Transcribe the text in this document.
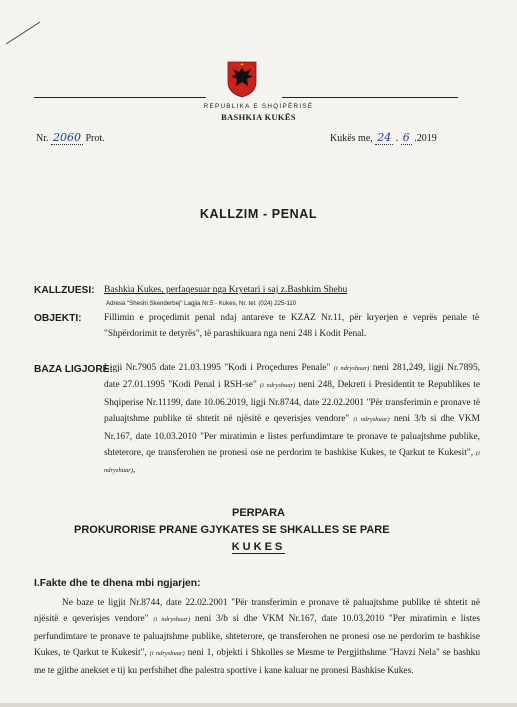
REPUBLIKA E SHQIPËRISË
BASHKIA KUKËS
Nr. 2060 Prot.	Kukës me, 24 . 6 .2019
KALLZIM - PENAL
KALLZUESI: Bashkia Kukes, perfaqesuar nga Kryetari i saj z.Bashkim Shehu
Adresa "Sheshi Skenderbej" Lagjia Nr.5 - Kukes, Nr. tel. (024) 225-110
OBJEKTI: Fillimin e proçedimit penal ndaj antareve te KZAZ Nr.11, për kryerjen e veprës penale të "Shpërdorimit te detyrës", të parashikuara nga neni 248 i Kodit Penal.
BAZA LIGJORE:
Ligji Nr.7905 date 21.03.1995 "Kodi i Proçedures Penale" (i ndryshuar) neni 281,249, ligji Nr.7895, date 27.01.1995 "Kodi Penal i RSH-se" (i ndryshuar) neni 248, Dekreti i Presidentit te Republikes te Shqiperise Nr.11199, date 10.06.2019, ligji Nr.8744, date 22.02.2001 "Për transferimin e pronave të paluajtshme publike të shtetit në njësitë e qeverisjes vendore" (i ndryshuar) neni 3/b si dhe VKM Nr.167, date 10.03.2010 "Per miratimin e listes perfundimtare te pronave te paluajtshme publike, shteterore, qe transferohen ne pronesi ose ne perdorim te bashkise Kukes, te Qarkut te Kukesit", (i ndryshuar),
PERPARA
PROKURORISE PRANE GJYKATES SE SHKALLES SE PARE
KUKES
I.Fakte dhe te dhena mbi ngjarjen:
Ne baze te ligjit Nr.8744, date 22.02.2001 "Për transferimin e pronave të paluajtshme publike të shtetit në njësitë e qeverisjes vendore" (i ndryshuar) neni 3/b si dhe VKM Nr.167, date 10.03.2010 "Per miratimin e listes perfundimtare te pronave te paluajtshme publike, shteterore, qe transferohen ne pronesi ose ne perdorim te bashkise Kukes, te Qarkut te Kukesit", (i ndryshuar) neni 1, objekti i Shkolles se Mesme te Pergjithshme "Havzi Nela" se bashku me te gjithe anekset e tij ku perfshihet dhe palestra sportive i kane kaluar ne pronesi Bashkise Kukes.
